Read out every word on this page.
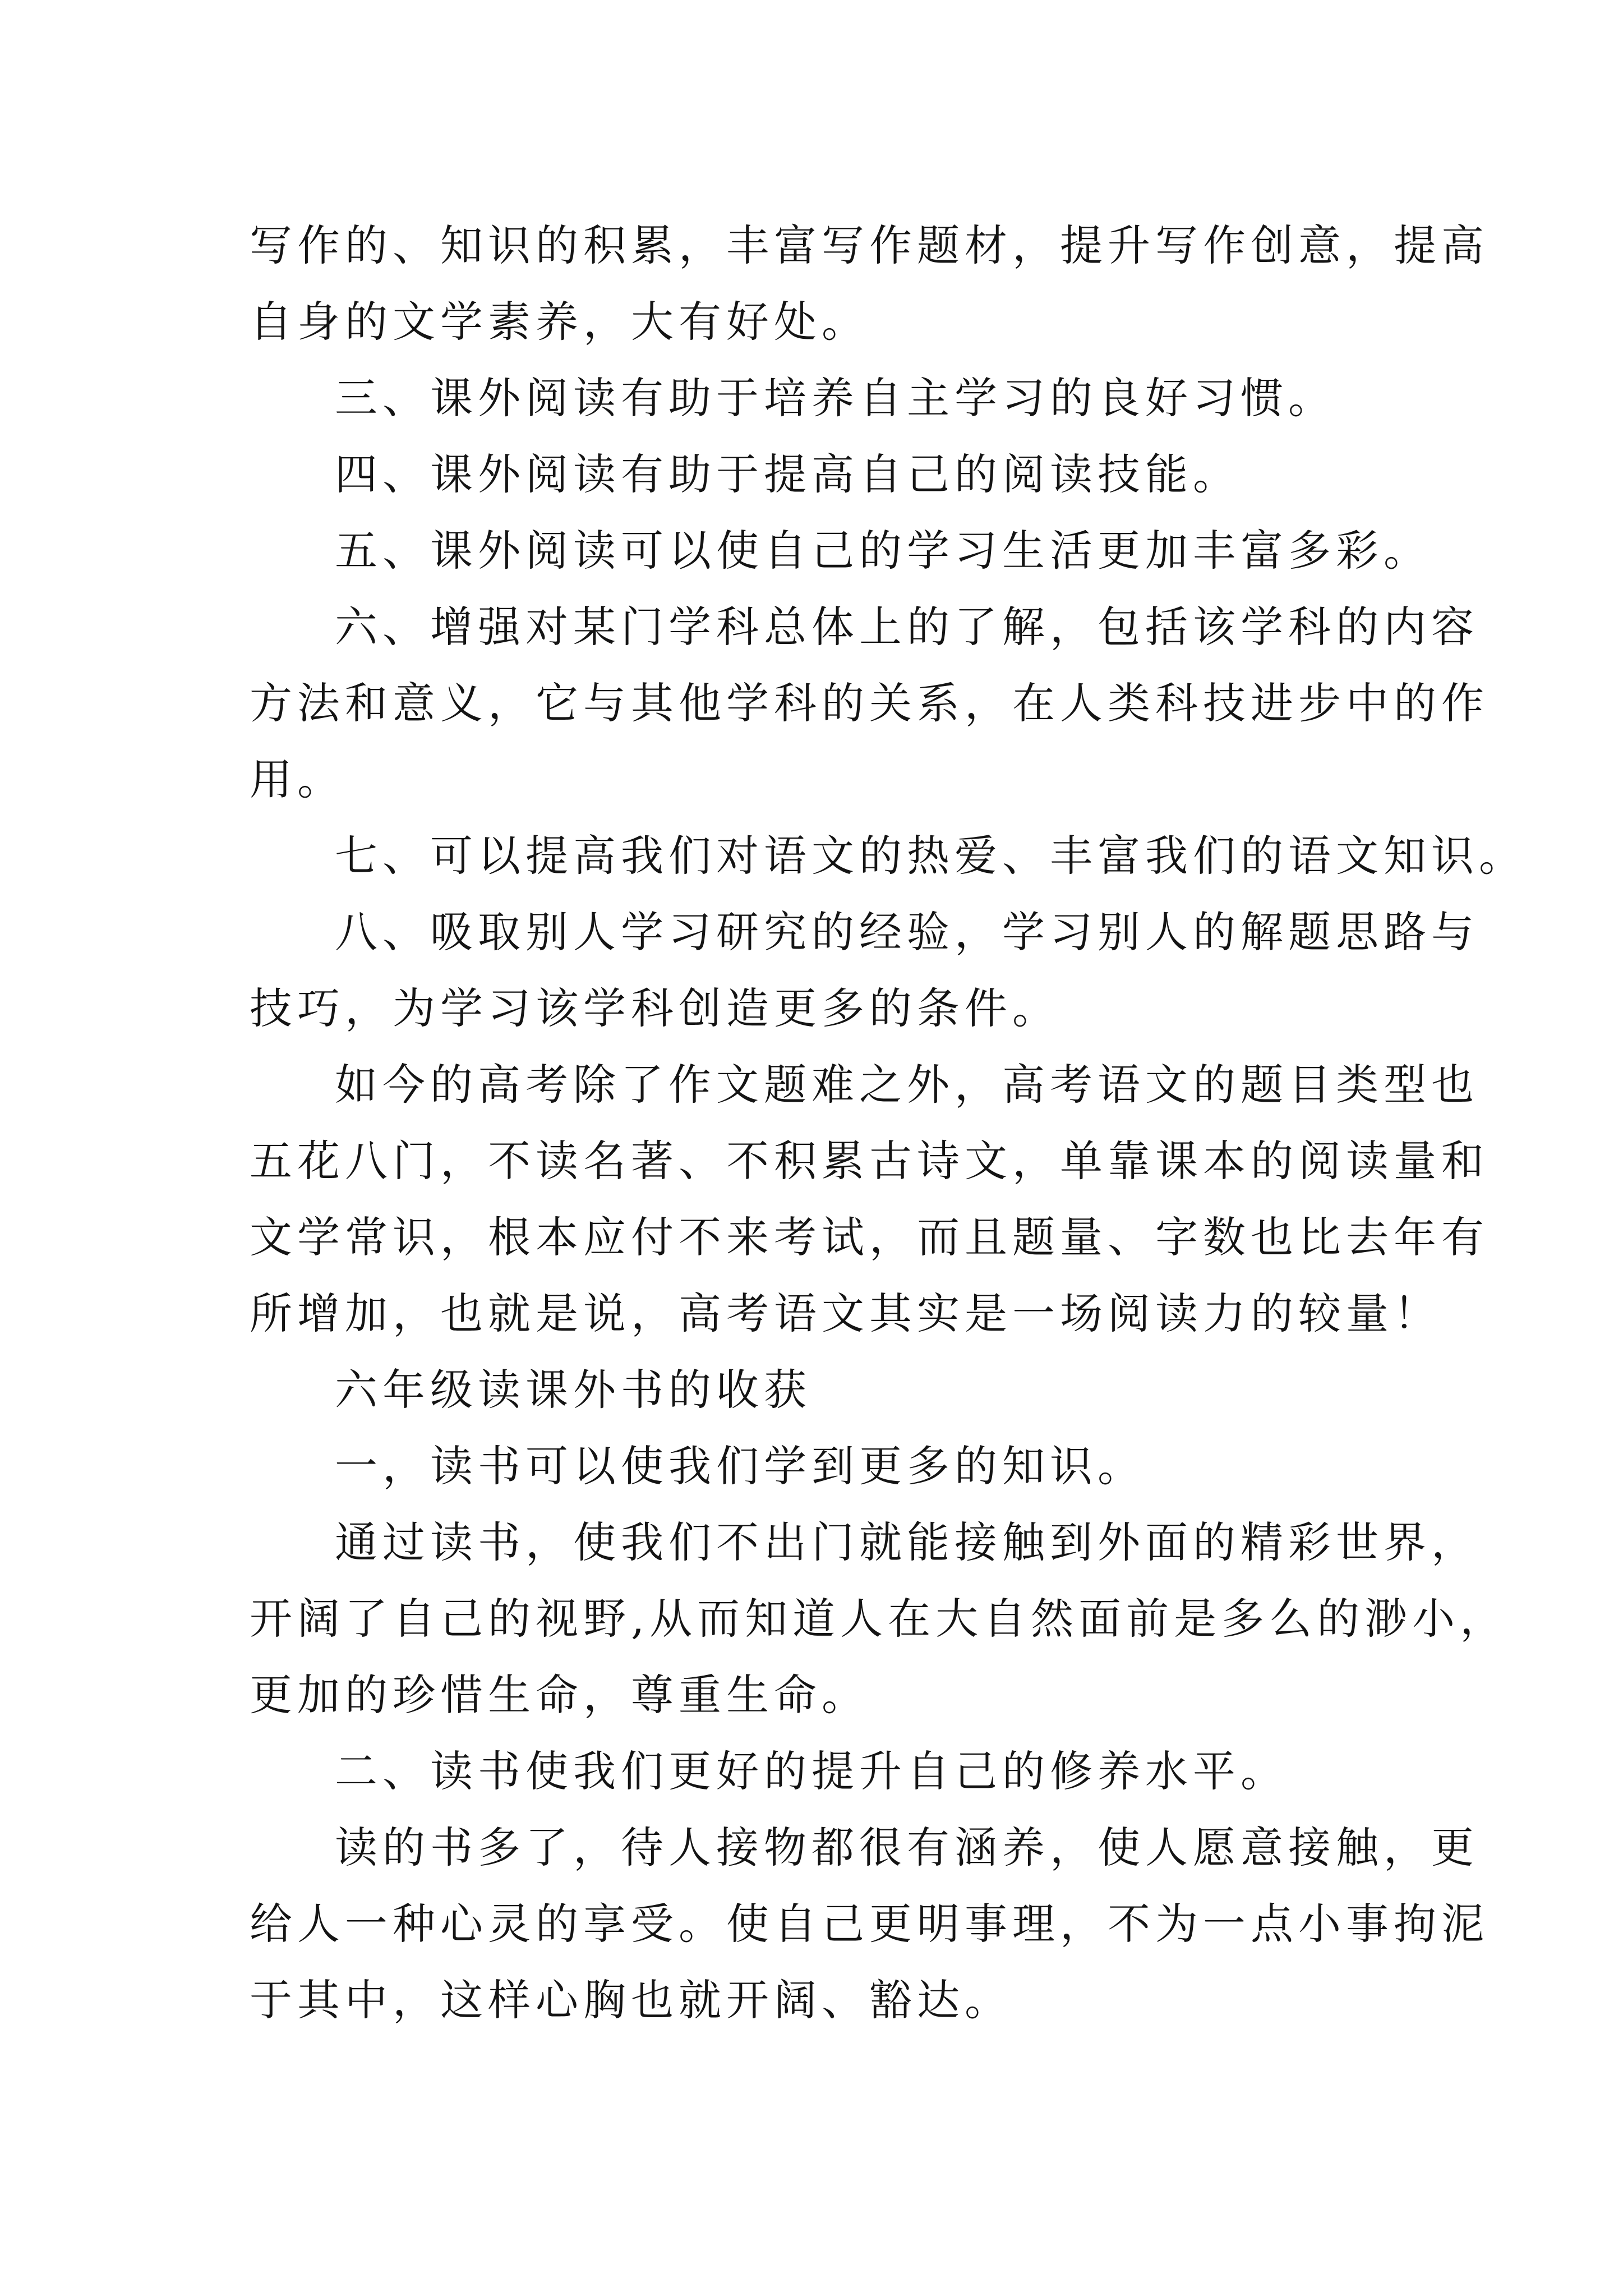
写作的、知识的积累，丰富写作题材，提升写作创意，提高

自身的文学素养，大有好处。

三、课外阅读有助于培养自主学习的良好习惯。

四、课外阅读有助于提高自己的阅读技能。

五、课外阅读可以使自己的学习生活更加丰富多彩。

六、增强对某门学科总体上的了解，包括该学科的内容

方法和意义，它与其他学科的关系，在人类科技进步中的作

用。

七、可以提高我们对语文的热爱、丰富我们的语文知识。

八、吸取别人学习研究的经验，学习别人的解题思路与

技巧，为学习该学科创造更多的条件。

如今的高考除了作文题难之外，高考语文的题目类型也

五花八门，不读名著、不积累古诗文，单靠课本的阅读量和

文学常识，根本应付不来考试，而且题量、字数也比去年有

所增加，也就是说，高考语文其实是一场阅读力的较量！

六年级读课外书的收获

一，读书可以使我们学到更多的知识。

通过读书，使我们不出门就能接触到外面的精彩世界，

开阔了自己的视野,从而知道人在大自然面前是多么的渺小，

更加的珍惜生命，尊重生命。

二、读书使我们更好的提升自己的修养水平。

读的书多了，待人接物都很有涵养，使人愿意接触，更

给人一种心灵的享受。使自己更明事理，不为一点小事拘泥

于其中，这样心胸也就开阔、豁达。
